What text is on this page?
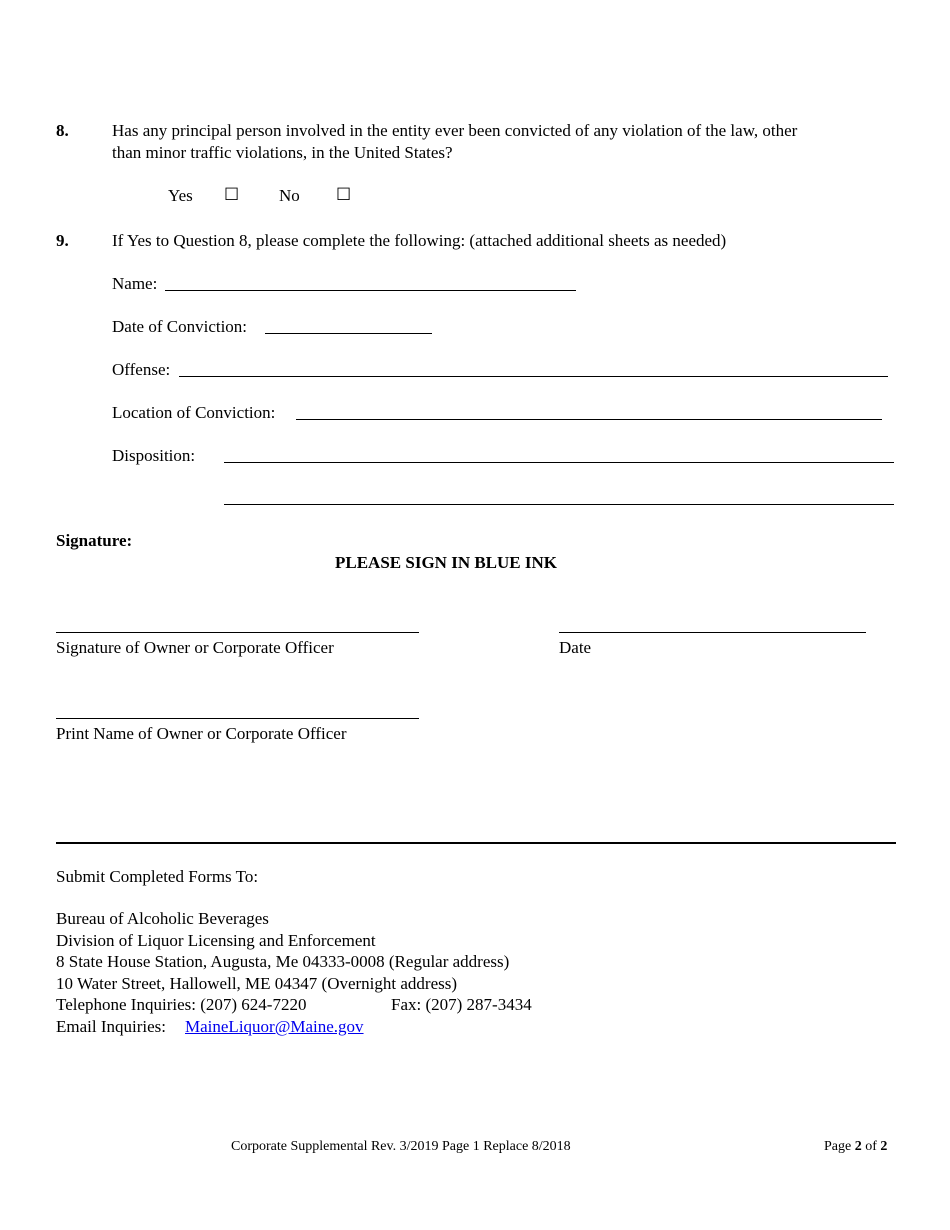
8.	Has any principal person involved in the entity ever been convicted of any violation of the law, other
than minor traffic violations, in the United States?
Yes ☐ No ☐
9.	If Yes to Question 8, please complete the following: (attached additional sheets as needed)
Name:
Date of Conviction:
Offense:
Location of Conviction:
Disposition:
Signature:
PLEASE SIGN IN BLUE INK
Signature of Owner or Corporate Officer	Date
Print Name of Owner or Corporate Officer
Submit Completed Forms To:
Bureau of Alcoholic Beverages
Division of Liquor Licensing and Enforcement
8 State House Station, Augusta, Me 04333-0008 (Regular address)
10 Water Street, Hallowell, ME 04347 (Overnight address)
Telephone Inquiries: (207) 624-7220	Fax: (207) 287-3434
Email Inquiries: MaineLiquor@Maine.gov
Corporate Supplemental Rev. 3/2019 Page 1 Replace 8/2018	Page 2 of 2
